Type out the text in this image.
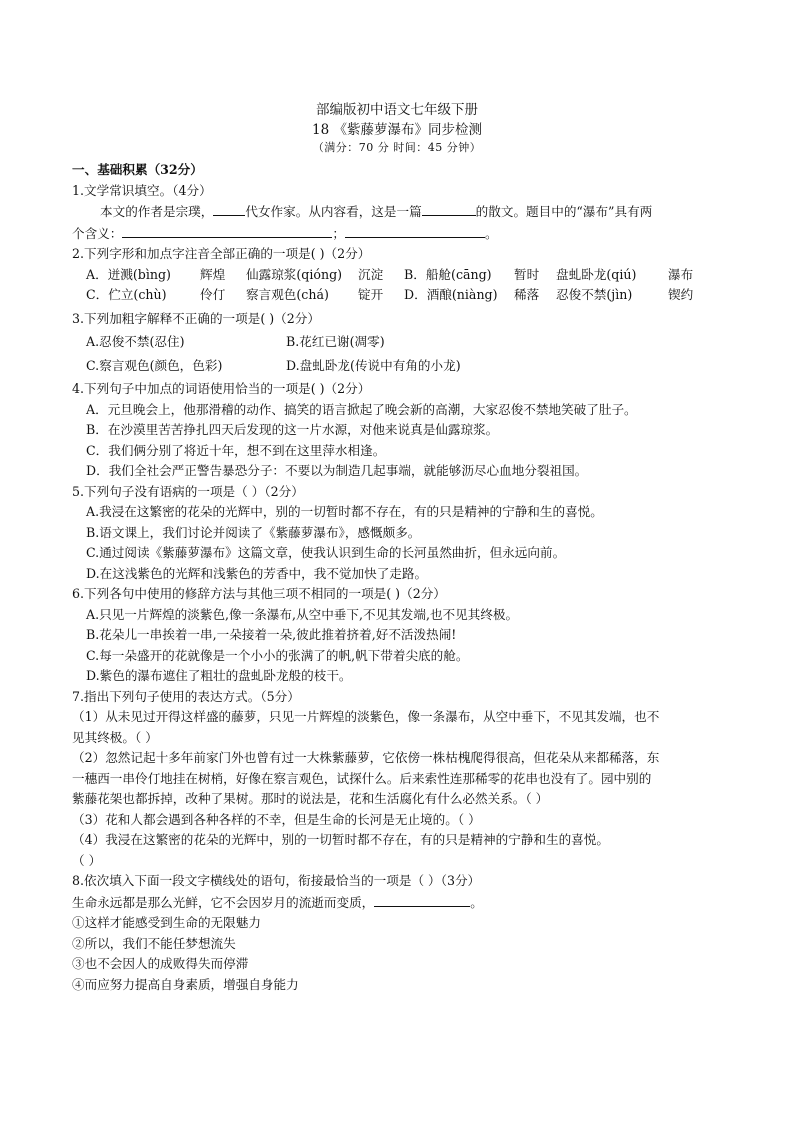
部编版初中语文七年级下册
18 《紫藤萝瀑布》同步检测
（满分：70 分 时间：45 分钟）
一、基础积累（32分）
1.文学常识填空。（4分）
本文的作者是宗璞，	代女作家。从内容看，这是一篇	的散文。题目中的“瀑布”具有两
个含义：	；	。
2.下列字形和加点字注音全部正确的一项是( )（2分）
A．迸溅(bìng)	辉煌	仙露琼浆(qióng)	沉淀	B．船舱(cāng)	暂时	盘虬卧龙(qiú)	瀑布
C．伫立(chù)	伶仃	察言观色(chá)	锭开	D．酒酿(niàng)	稀落	忍俊不禁(jìn)	锲约
3.下列加粗字解释不正确的一项是( )（2分）
A.忍俊不禁(忍住)	B.花红已谢(凋零)
C.察言观色(颜色，色彩)	D.盘虬卧龙(传说中有角的小龙)
4.下列句子中加点的词语使用恰当的一项是( )（2分）
A．元旦晚会上，他那滑稽的动作、搞笑的语言掀起了晚会新的高潮，大家忍俊不禁地笑破了肚子。
B．在沙漠里苦苦挣扎四天后发现的这一片水源，对他来说真是仙露琼浆。
C．我们俩分别了将近十年，想不到在这里萍水相逢。
D．我们全社会严正警告暴恐分子：不要以为制造几起事端，就能够沥尽心血地分裂祖国。
5.下列句子没有语病的一项是（ ）（2分）
A.我浸在这繁密的花朵的光辉中，别的一切暂时都不存在，有的只是精神的宁静和生的喜悦。
B.语文课上，我们讨论并阅读了《紫藤萝瀑布》，感慨颇多。
C.通过阅读《紫藤萝瀑布》这篇文章，使我认识到生命的长河虽然曲折，但永远向前。
D.在这浅紫色的光辉和浅紫色的芳香中，我不觉加快了走路。
6.下列各句中使用的修辞方法与其他三项不相同的一项是( )（2分）
A.只见一片辉煌的淡紫色,像一条瀑布,从空中垂下,不见其发端,也不见其终极。
B.花朵儿一串挨着一串,一朵接着一朵,彼此推着挤着,好不活泼热闹!
C.每一朵盛开的花就像是一个小小的张满了的帆,帆下带着尖底的舱。
D.紫色的瀑布遮住了粗壮的盘虬卧龙般的枝干。
7.指出下列句子使用的表达方式。（5分）
（1）从未见过开得这样盛的藤萝，只见一片辉煌的淡紫色，像一条瀑布，从空中垂下，不见其发端，也不
见其终极。（ ）
（2）忽然记起十多年前家门外也曾有过一大株紫藤萝，它依傍一株枯槐爬得很高，但花朵从来都稀落，东
一穗西一串伶仃地挂在树梢，好像在察言观色，试探什么。后来索性连那稀零的花串也没有了。园中别的
紫藤花架也都拆掉，改种了果树。那时的说法是，花和生活腐化有什么必然关系。（ ）
（3）花和人都会遇到各种各样的不幸，但是生命的长河是无止境的。（ ）
（4）我浸在这繁密的花朵的光辉中，别的一切暂时都不存在，有的只是精神的宁静和生的喜悦。
（ ）
8.依次填入下面一段文字横线处的语句，衔接最恰当的一项是（ ）（3分）
生命永远都是那么光鲜，它不会因岁月的流逝而变质，	。
①这样才能感受到生命的无限魅力
②所以，我们不能任梦想流失
③也不会因人的成败得失而停滞
④而应努力提高自身素质，增强自身能力
